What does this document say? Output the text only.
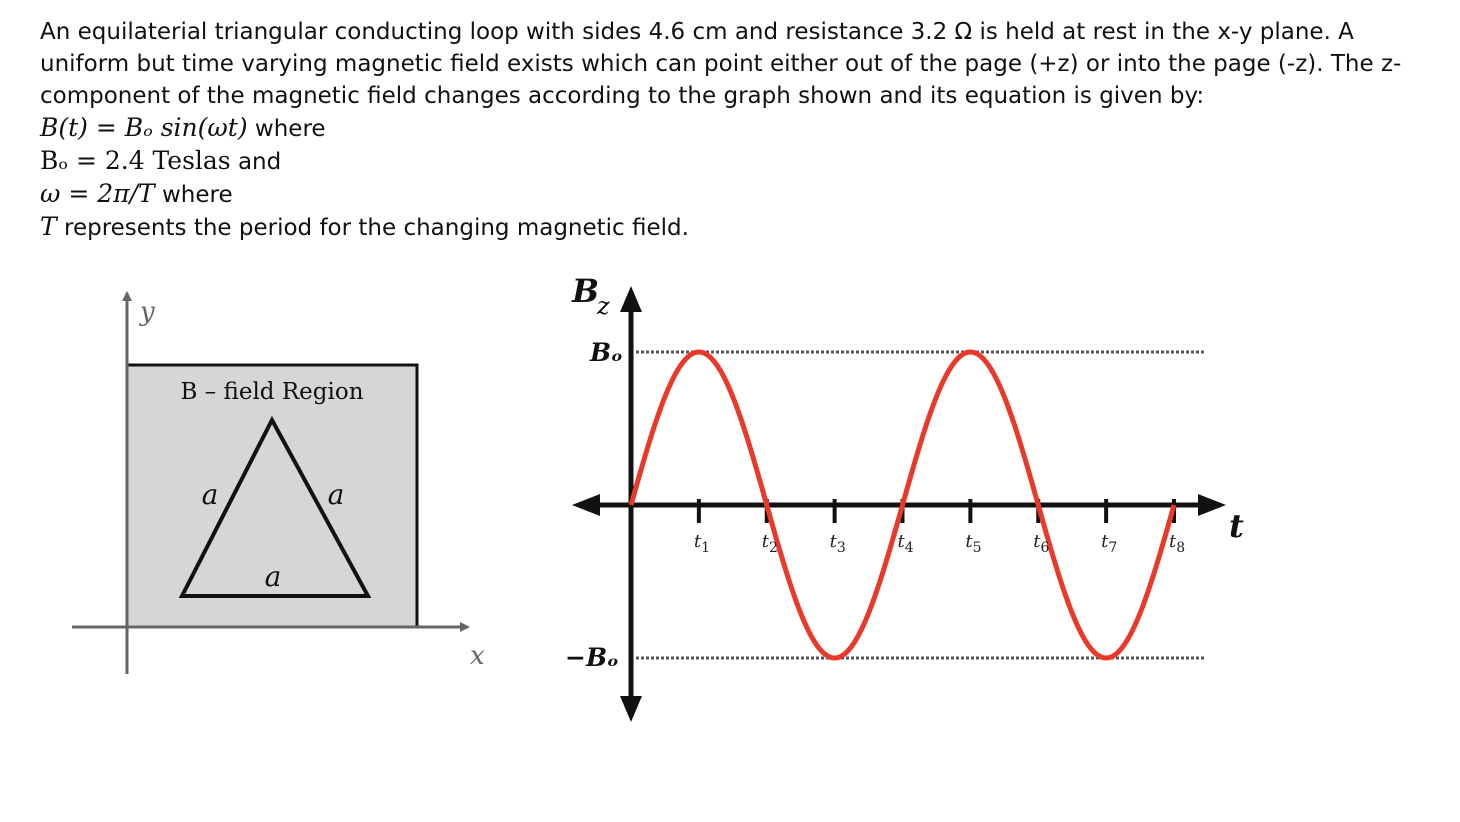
An equilaterial triangular conducting loop with sides 4.6 cm and resistance 3.2 Ω is held at rest in the x-y plane. A uniform but time varying magnetic field exists which can point either out of the page (+z) or into the page (-z). The z-component of the magnetic field changes according to the graph shown and its equation is given by:

B(t) = Bₒ sin(ωt) where

Bₒ = 2.4 Teslas and

ω = 2π/T where

T represents the period for the changing magnetic field.

y
x
B – field Region
a	a
a
$t_1$	$t_2$	$t_3$	$t_4$	$t_5$	$t_6$	$t_7$	$t_8$
Bz
Bₒ
−Bₒ
t
